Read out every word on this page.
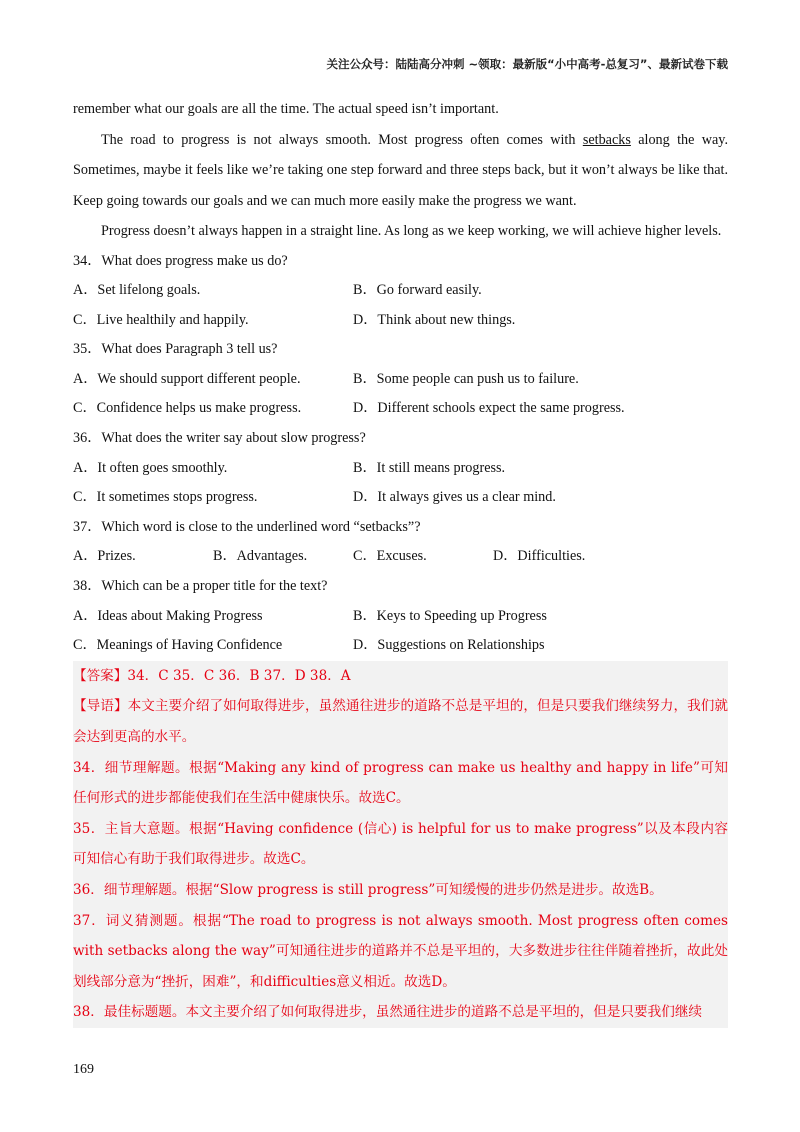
关注公众号：陆陆高分冲刺 ~领取：最新版“小中高考-总复习”、最新试卷下载

remember what our goals are all the time. The actual speed isn’t important.

The road to progress is not always smooth. Most progress often comes with setbacks along the way. Sometimes, maybe it feels like we’re taking one step forward and three steps back, but it won’t always be like that. Keep going towards our goals and we can much more easily make the progress we want.

Progress doesn’t always happen in a straight line. As long as we keep working, we will achieve higher levels.

34．What does progress make us do?

A．Set lifelong goals.	B．Go forward easily.
C．Live healthily and happily.	D．Think about new things.

35．What does Paragraph 3 tell us?

A．We should support different people.	B．Some people can push us to failure.
C．Confidence helps us make progress.	D．Different schools expect the same progress.

36．What does the writer say about slow progress?

A．It often goes smoothly.	B．It still means progress.
C．It sometimes stops progress.	D．It always gives us a clear mind.

37．Which word is close to the underlined word “setbacks”?

A．Prizes.	B．Advantages.	C．Excuses.	D．Difficulties.

38．Which can be a proper title for the text?

A．Ideas about Making Progress	B．Keys to Speeding up Progress
C．Meanings of Having Confidence	D．Suggestions on Relationships

【答案】34．C 35．C 36．B 37．D 38．A

【导语】本文主要介绍了如何取得进步，虽然通往进步的道路不总是平坦的，但是只要我们继续努力，我们就会达到更高的水平。

34．细节理解题。根据“Making any kind of progress can make us healthy and happy in life”可知任何形式的进步都能使我们在生活中健康快乐。故选C。

35．主旨大意题。根据“Having confidence (信心) is helpful for us to make progress”以及本段内容可知信心有助于我们取得进步。故选C。

36．细节理解题。根据“Slow progress is still progress”可知缓慢的进步仍然是进步。故选B。

37．词义猜测题。根据“The road to progress is not always smooth. Most progress often comes with setbacks along the way”可知通往进步的道路并不总是平坦的，大多数进步往往伴随着挫折，故此处划线部分意为“挫折，困难”，和difficulties意义相近。故选D。

38．最佳标题题。本文主要介绍了如何取得进步，虽然通往进步的道路不总是平坦的，但是只要我们继续

169
